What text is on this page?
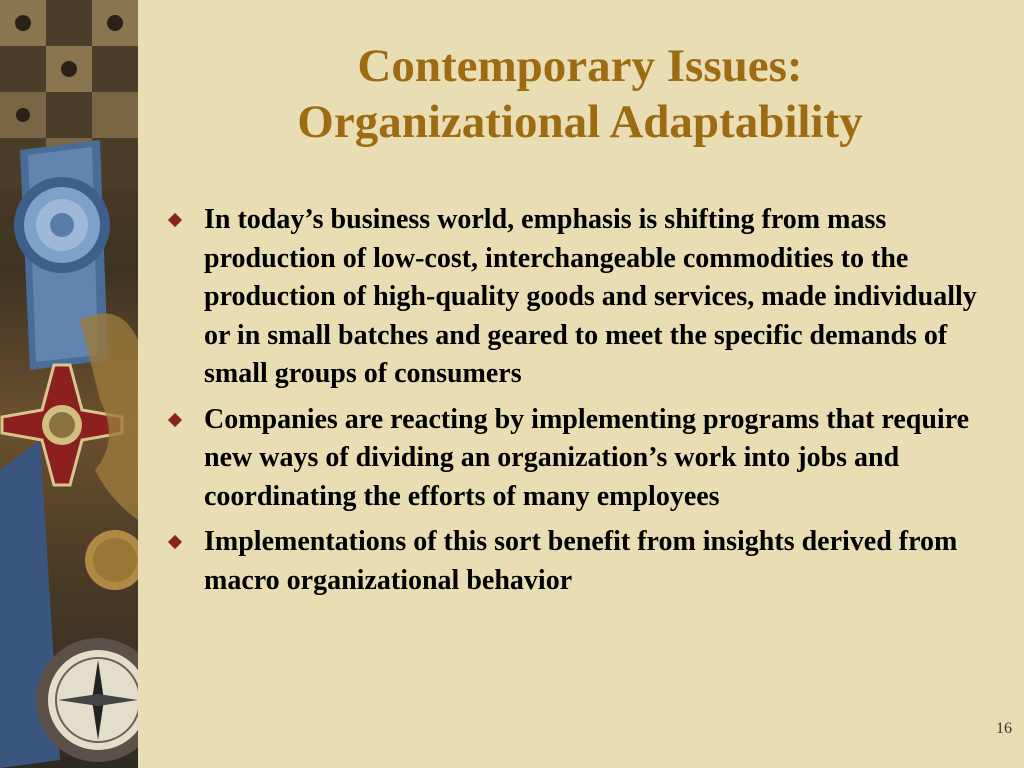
Contemporary Issues:
Organizational Adaptability
In today’s business world, emphasis is shifting from mass production of low-cost, interchangeable commodities to the production of high-quality goods and services, made individually or in small batches and geared to meet the specific demands of small groups of consumers
Companies are reacting by implementing programs that require new ways of dividing an organization’s work into jobs and coordinating the efforts of many employees
Implementations of this sort benefit from insights derived from macro organizational behavior
16
